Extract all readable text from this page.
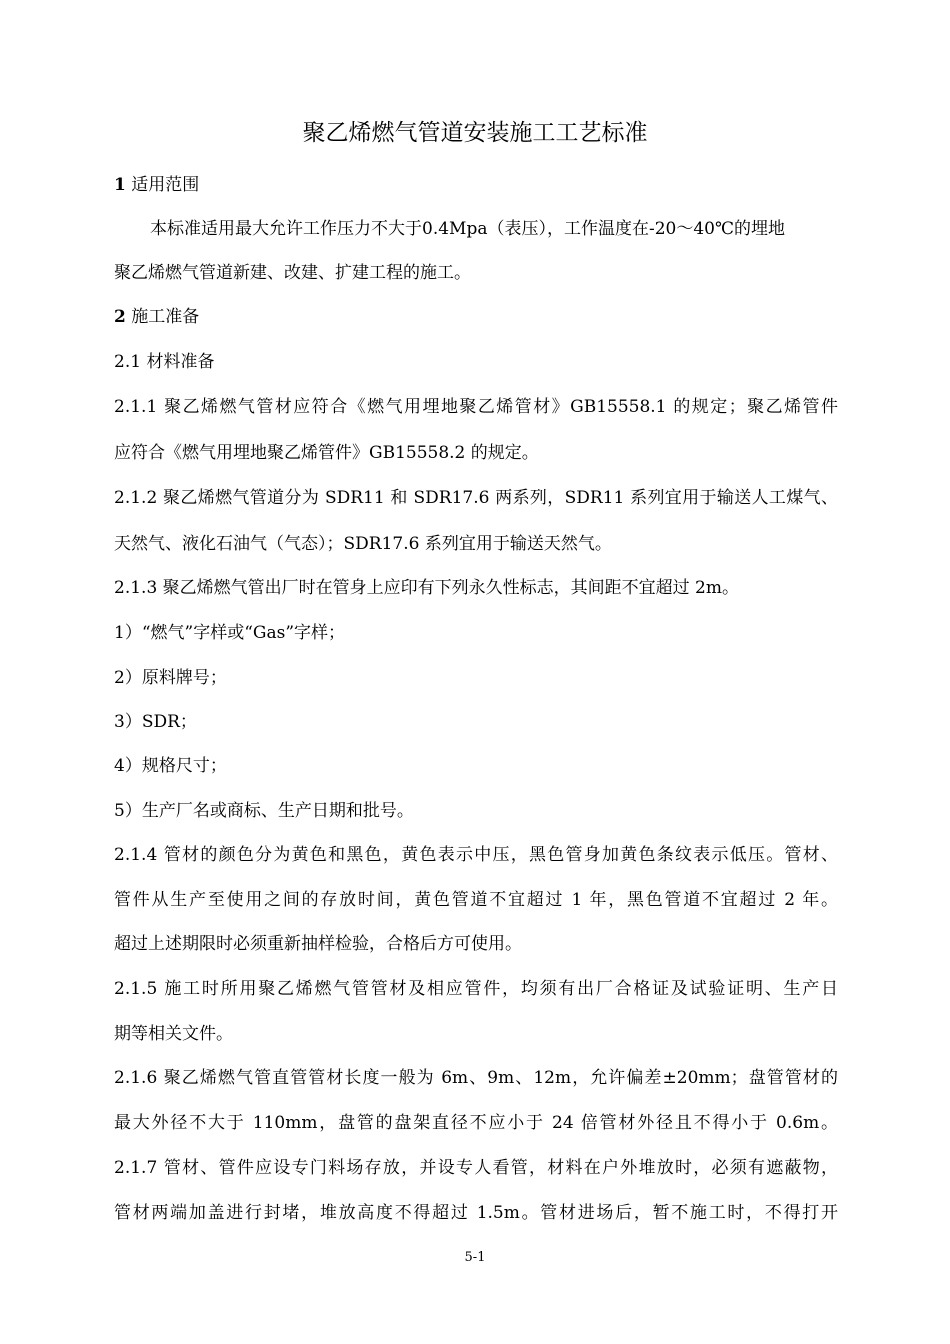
聚乙烯燃气管道安装施工工艺标准
1 适用范围
本标准适用最大允许工作压力不大于0.4Mpa（表压），工作温度在-20～40℃的埋地
聚乙烯燃气管道新建、改建、扩建工程的施工。
2 施工准备
2.1 材料准备
2.1.1 聚乙烯燃气管材应符合《燃气用埋地聚乙烯管材》GB15558.1 的规定；聚乙烯管件
应符合《燃气用埋地聚乙烯管件》GB15558.2 的规定。
2.1.2 聚乙烯燃气管道分为 SDR11 和 SDR17.6 两系列，SDR11 系列宜用于输送人工煤气、
天然气、液化石油气（气态）；SDR17.6 系列宜用于输送天然气。
2.1.3 聚乙烯燃气管出厂时在管身上应印有下列永久性标志，其间距不宜超过 2m。
1）“燃气”字样或“Gas”字样；
2）原料牌号；
3）SDR；
4）规格尺寸；
5）生产厂名或商标、生产日期和批号。
2.1.4 管材的颜色分为黄色和黑色，黄色表示中压，黑色管身加黄色条纹表示低压。管材、
管件从生产至使用之间的存放时间，黄色管道不宜超过 1 年，黑色管道不宜超过 2 年。
超过上述期限时必须重新抽样检验，合格后方可使用。
2.1.5 施工时所用聚乙烯燃气管管材及相应管件，均须有出厂合格证及试验证明、生产日
期等相关文件。
2.1.6 聚乙烯燃气管直管管材长度一般为 6m、9m、12m，允许偏差±20mm；盘管管材的
最大外径不大于 110mm，盘管的盘架直径不应小于 24 倍管材外径且不得小于 0.6m。
2.1.7 管材、管件应设专门料场存放，并设专人看管，材料在户外堆放时，必须有遮蔽物，
管材两端加盖进行封堵，堆放高度不得超过 1.5m。管材进场后，暂不施工时，不得打开
5-1
